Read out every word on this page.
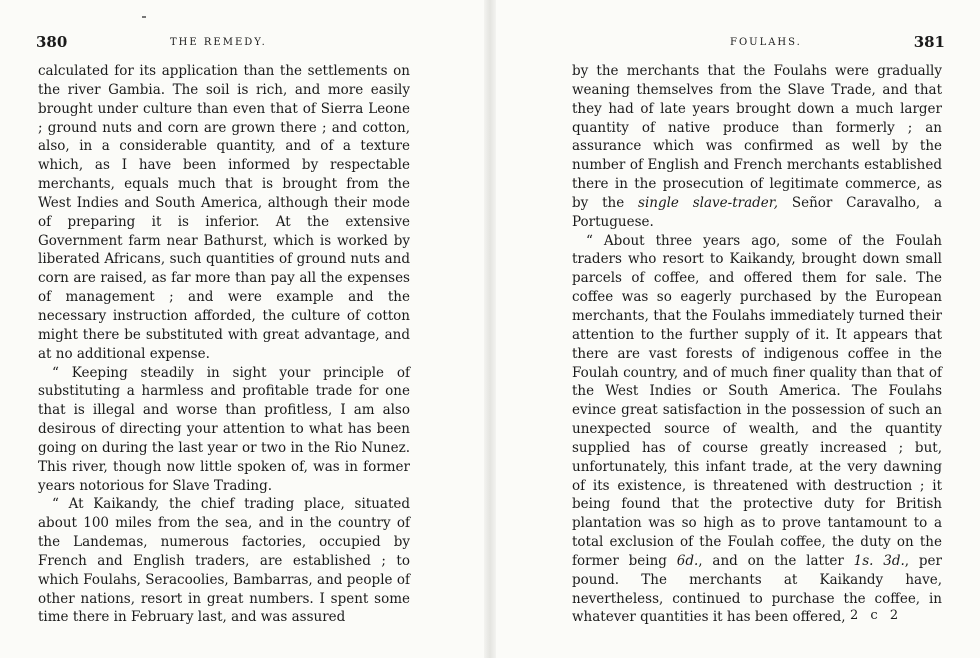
380	THE REMEDY.

calculated for its application than the settlements on the river Gambia. The soil is rich, and more easily brought under culture than even that of Sierra Leone ; ground nuts and corn are grown there ; and cotton, also, in a considerable quantity, and of a texture which, as I have been informed by respectable merchants, equals much that is brought from the West Indies and South America, although their mode of preparing it is inferior. At the extensive Government farm near Bathurst, which is worked by liberated Africans, such quantities of ground nuts and corn are raised, as far more than pay all the expenses of management ; and were example and the necessary instruction afforded, the culture of cotton might there be substituted with great advantage, and at no additional expense.

“ Keeping steadily in sight your principle of substituting a harmless and profitable trade for one that is illegal and worse than profitless, I am also desirous of directing your attention to what has been going on during the last year or two in the Rio Nunez. This river, though now little spoken of, was in former years notorious for Slave Trading.

“ At Kaikandy, the chief trading place, situated about 100 miles from the sea, and in the country of the Landemas, numerous factories, occupied by French and English traders, are established ; to which Foulahs, Seracoolies, Bambarras, and people of other nations, resort in great numbers. I spent some time there in February last, and was assured

FOULAHS.	381

by the merchants that the Foulahs were gradually weaning themselves from the Slave Trade, and that they had of late years brought down a much larger quantity of native produce than formerly ; an assurance which was confirmed as well by the number of English and French merchants established there in the prosecution of legitimate commerce, as by the single slave-trader, Señor Caravalho, a Portuguese.

“ About three years ago, some of the Foulah traders who resort to Kaikandy, brought down small parcels of coffee, and offered them for sale. The coffee was so eagerly purchased by the European merchants, that the Foulahs immediately turned their attention to the further supply of it. It appears that there are vast forests of indigenous coffee in the Foulah country, and of much finer quality than that of the West Indies or South America. The Foulahs evince great satisfaction in the possession of such an unexpected source of wealth, and the quantity supplied has of course greatly increased ; but, unfortunately, this infant trade, at the very dawning of its existence, is threatened with destruction ; it being found that the protective duty for British plantation was so high as to prove tantamount to a total exclusion of the Foulah coffee, the duty on the former being 6d., and on the latter 1s. 3d., per pound. The merchants at Kaikandy have, nevertheless, continued to purchase the coffee, in whatever quantities it has been offered, 2 c 2
